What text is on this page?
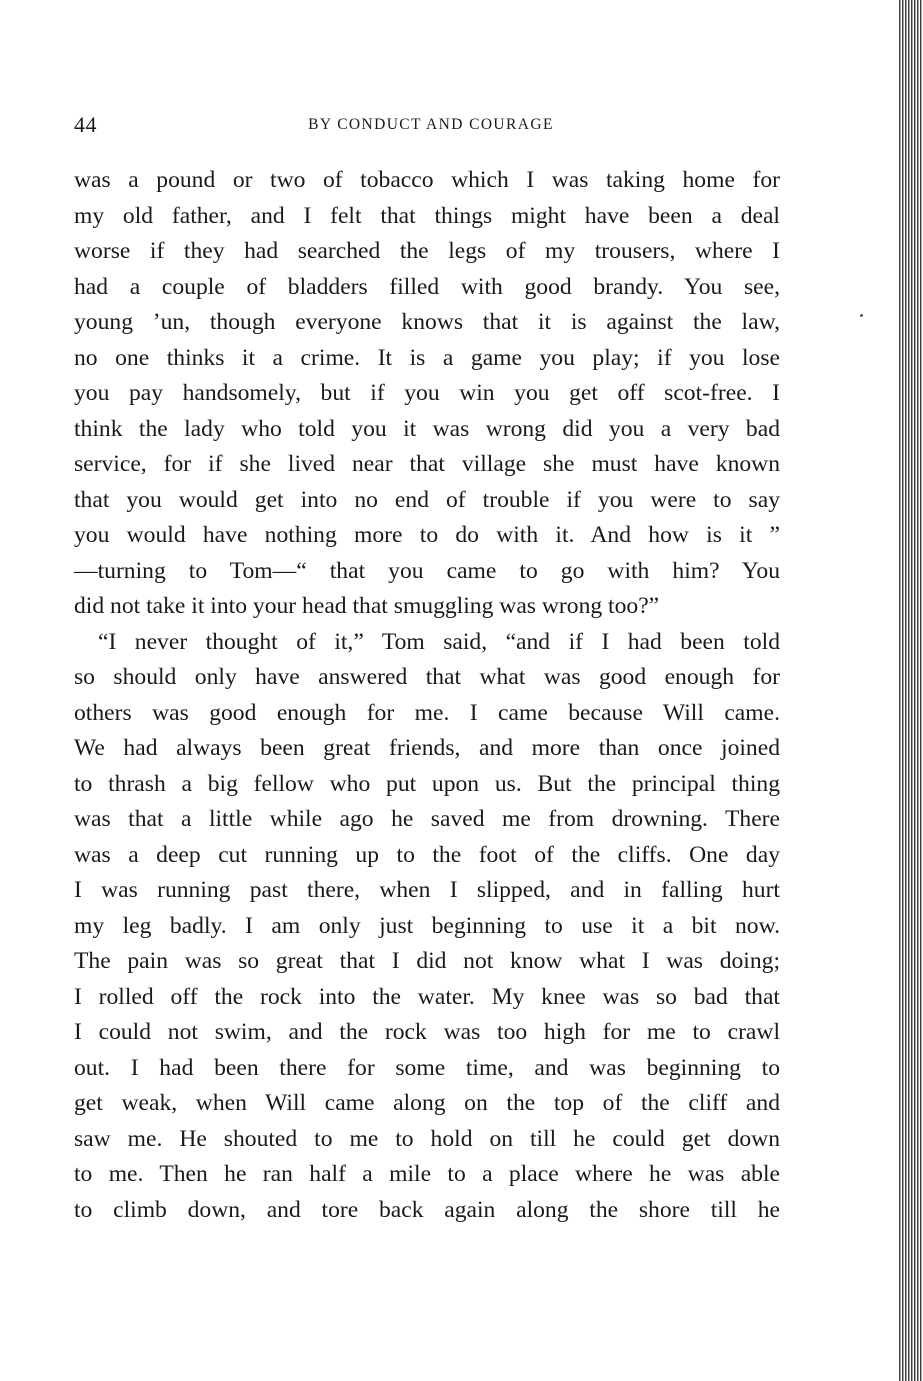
44	BY CONDUCT AND COURAGE
was a pound or two of tobacco which I was taking home for
my old father, and I felt that things might have been a deal
worse if they had searched the legs of my trousers, where I
had a couple of bladders filled with good brandy. You see,
young ’un, though everyone knows that it is against the law,
no one thinks it a crime. It is a game you play; if you lose
you pay handsomely, but if you win you get off scot-free. I
think the lady who told you it was wrong did you a very bad
service, for if she lived near that village she must have known
that you would get into no end of trouble if you were to say
you would have nothing more to do with it. And how is it ”
—turning to Tom—“ that you came to go with him? You
did not take it into your head that smuggling was wrong too?”
“I never thought of it,” Tom said, “and if I had been told
so should only have answered that what was good enough for
others was good enough for me. I came because Will came.
We had always been great friends, and more than once joined
to thrash a big fellow who put upon us. But the principal thing
was that a little while ago he saved me from drowning. There
was a deep cut running up to the foot of the cliffs. One day
I was running past there, when I slipped, and in falling hurt
my leg badly. I am only just beginning to use it a bit now.
The pain was so great that I did not know what I was doing;
I rolled off the rock into the water. My knee was so bad that
I could not swim, and the rock was too high for me to crawl
out. I had been there for some time, and was beginning to
get weak, when Will came along on the top of the cliff and
saw me. He shouted to me to hold on till he could get down
to me. Then he ran half a mile to a place where he was able
to climb down, and tore back again along the shore till he
